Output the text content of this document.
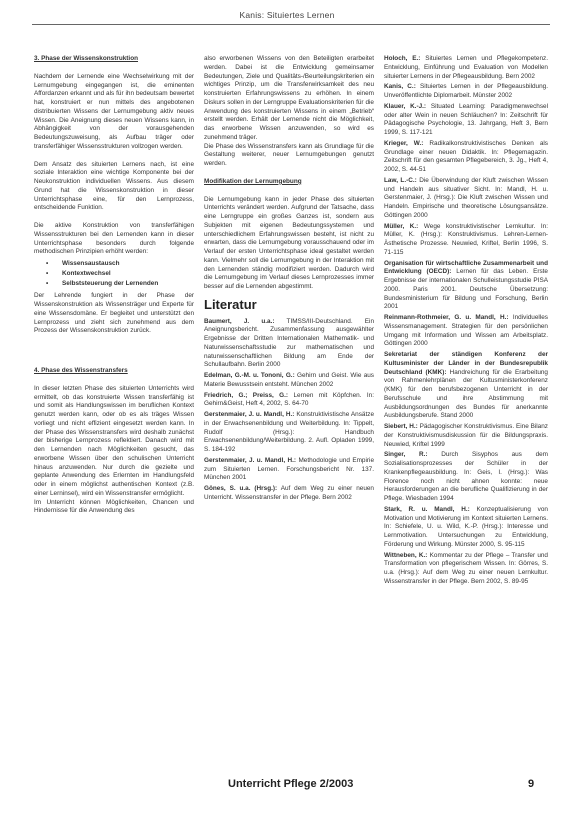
Kanis: Situiertes Lernen
3. Phase der Wissenskonstruktion
Nachdem der Lernende eine Wechselwirkung mit der Lernumgebung eingegangen ist, die eminenten Affordanzen erkannt und als für ihn bedeutsam bewertet hat, konstruiert er nun mittels des angebotenen distribuierten Wissens der Lernumgebung aktiv neues Wissen. Die Aneignung dieses neuen Wissens kann, in Abhängigkeit von der vorausgehenden Bedeutungszuweisung, als Aufbau träger oder transferfähiger Wissensstrukturen vollzogen werden.
Dem Ansatz des situierten Lernens nach, ist eine soziale Interaktion eine wichtige Komponente bei der Neukonstruktion individuellen Wissens. Aus diesem Grund hat die Wissenskonstruktion in dieser Unterrichtsphase eine, für den Lernprozess, entscheidende Funktion.
Die aktive Konstruktion von transferfähigen Wissensstrukturen bei den Lernenden kann in dieser Unterrichtsphase besonders durch folgende methodischen Prinzipien erhöht werden:
• Wissensaustausch
• Kontextwechsel
• Selbststeuerung der Lernenden
Der Lehrende fungiert in der Phase der Wissenskonstruktion als Wissensträger und Experte für eine Wissensdomäne. Er begleitet und unterstützt den Lernprozess und zieht sich zunehmend aus dem Prozess der Wissenskonstruktion zurück.
4. Phase des Wissenstransfers
In dieser letzten Phase des situierten Unterrichts wird ermittelt, ob das konstruierte Wissen transferfähig ist und somit als Handlungswissen im beruflichen Kontext genutzt werden kann, oder ob es als träges Wissen vorliegt und nicht effizient eingesetzt werden kann. In der Phase des Wissenstransfers wird deshalb zunächst der bisherige Lernprozess reflektiert. Danach wird mit den Lernenden nach Möglichkeiten gesucht, das erworbene Wissen über den schulischen Unterricht hinaus anzuwenden. Nur durch die gezielte und geplante Anwendung des Erlernten im Handlungsfeld oder in einem möglichst authentischen Kontext (z.B. einer Lerninsel), wird ein Wissenstransfer ermöglicht.
Im Unterricht können Möglichkeiten, Chancen und Hindernisse für die Anwendung des
also erworbenen Wissens von den Beteiligten erarbeitet werden. Dabei ist die Entwicklung gemeinsamer Bedeutungen, Ziele und Qualitäts-/Beurteilungskriterien ein wichtiges Prinzip, um die Transferwirksamkeit des neu konstruierten Erfahrungswissens zu erhöhen. In einem Diskurs sollen in der Lerngruppe Evaluationskriterien für die Anwendung des konstruierten Wissens in einem „Betrieb“ erstellt werden. Erhält der Lernende nicht die Möglichkeit, das erworbene Wissen anzuwenden, so wird es zunehmend träger.
Die Phase des Wissenstransfers kann als Grundlage für die Gestaltung weiterer, neuer Lernumgebungen genutzt werden.
Modifikation der Lernumgebung
Die Lernumgebung kann in jeder Phase des situierten Unterrichts verändert werden. Aufgrund der Tatsache, dass eine Lerngruppe ein großes Ganzes ist, sondern aus Subjekten mit eigenen Bedeutungssystemen und unterschiedlichem Erfahrungswissen besteht, ist nicht zu erwarten, dass die Lernumgebung vorausschauend oder im Verlauf der ersten Unterrichtsphase ideal gestaltet werden kann. Vielmehr soll die Lernumgebung in der Interaktion mit den Lernenden ständig modifiziert werden. Dadurch wird die Lernumgebung im Verlauf dieses Lernprozesses immer besser auf die Lernenden abgestimmt.
Literatur
Baumert, J. u.a.: TIMSS/III-Deutschland. Ein Aneignungsbericht. Zusammenfassung ausgewählter Ergebnisse der Dritten Internationalen Mathematik- und Naturwissenschaftsstudie zur mathematischen und naturwissenschaftlichen Bildung am Ende der Schullaufbahn. Berlin 2000
Edelman, G.-M. u. Tononi, G.: Gehirn und Geist. Wie aus Materie Bewusstsein entsteht. München 2002
Friedrich, G.; Preiss, G.: Lernen mit Köpfchen. In: Gehirn&Geist, Heft 4, 2002, S. 64-70
Gerstenmaier, J. u. Mandl, H.: Konstruktivistische Ansätze in der Erwachsenenbildung und Weiterbildung. In: Tippelt, Rudolf (Hrsg.): Handbuch Erwachsenenbildung/Weiterbildung. 2. Aufl. Opladen 1999, S. 184-192
Gerstenmaier, J. u. Mandl, H.: Methodologie und Empirie zum Situierten Lernen. Forschungsbericht Nr. 137. München 2001
Gönes, S. u.a. (Hrsg.): Auf dem Weg zu einer neuen Unterricht. Wissenstransfer in der Pflege. Bern 2002
Holoch, E.: Situiertes Lernen und Pflegekompetenz. Entwicklung, Einführung und Evaluation von Modellen situierter Lernens in der Pflegeausbildung. Bern 2002
Kanis, C.: Situiertes Lernen in der Pflegeausbildung. Unveröffentlichte Diplomarbeit. Münster 2002
Klauer, K.-J.: Situated Learning: Paradigmenwechsel oder alter Wein in neuen Schläuchen? In: Zeitschrift für Pädagogische Psychologie, 13. Jahrgang, Heft 3, Bern 1999, S. 117-121
Krieger, W.: Radikalkonstruktivistisches Denken als Grundlage einer neuen Didaktik. In: Pflegemagazin. Zeitschrift für den gesamten Pflegebereich, 3. Jg., Heft 4, 2002, S. 44-51
Law, L.-C.: Die Überwindung der Kluft zwischen Wissen und Handeln aus situativer Sicht. In: Mandl, H. u. Gerstenmaier, J. (Hrsg.): Die Kluft zwischen Wissen und Handeln. Empirische und theoretische Lösungsansätze. Göttingen 2000
Müller, K.: Wege konstruktivistischer Lernkultur. In: Müller, K. (Hrsg.): Konstruktivismus. Lehren-Lernen-Ästhetische Prozesse. Neuwied, Kriftel, Berlin 1996, S. 71-115
Organisation für wirtschaftliche Zusammenarbeit und Entwicklung (OECD): Lernen für das Leben. Erste Ergebnisse der internationalen Schulleistungsstudie PISA 2000. Paris 2001. Deutsche Übersetzung: Bundesministerium für Bildung und Forschung, Berlin 2001
Reinmann-Rothmeier, G. u. Mandl, H.: Individuelles Wissensmanagement. Strategien für den persönlichen Umgang mit Information und Wissen am Arbeitsplatz. Göttingen 2000
Sekretariat der ständigen Konferenz der Kultusminister der Länder in der Bundesrepublik Deutschland (KMK): Handreichung für die Erarbeitung von Rahmenlehrplänen der Kultusministerkonferenz (KMK) für den berufsbezogenen Unterricht in der Berufsschule und ihre Abstimmung mit Ausbildungsordnungen des Bundes für anerkannte Ausbildungsberufe. Stand 2000
Siebert, H.: Pädagogischer Konstruktivismus. Eine Bilanz der Konstruktivismusdiskussion für die Bildungspraxis. Neuwied, Kriftel 1999
Singer, R.: Durch Sisyphos aus dem Sozialisationsprozesses der Schüler in der Krankenpflegeausbildung. In: Geis, I. (Hrsg.): Was Florence noch nicht ahnen konnte: neue Herausforderungen an die berufliche Qualifizierung in der Pflege. Wiesbaden 1994
Stark, R. u. Mandl, H.: Konzeptualisierung von Motivation und Motivierung im Kontext situierten Lernens. In: Schiefele, U. u. Wild, K.-P. (Hrsg.): Interesse und Lernmotivation. Untersuchungen zu Entwicklung, Förderung und Wirkung. Münster 2000, S. 95-115
Wittneben, K.: Kommentar zu der Pflege – Transfer und Transformation von pflegerischem Wissen. In: Görres, S. u.a. (Hrsg.): Auf dem Weg zu einer neuen Lernkultur. Wissenstransfer in der Pflege. Bern 2002, S. 89-95
Unterricht Pflege 2/2003	9
